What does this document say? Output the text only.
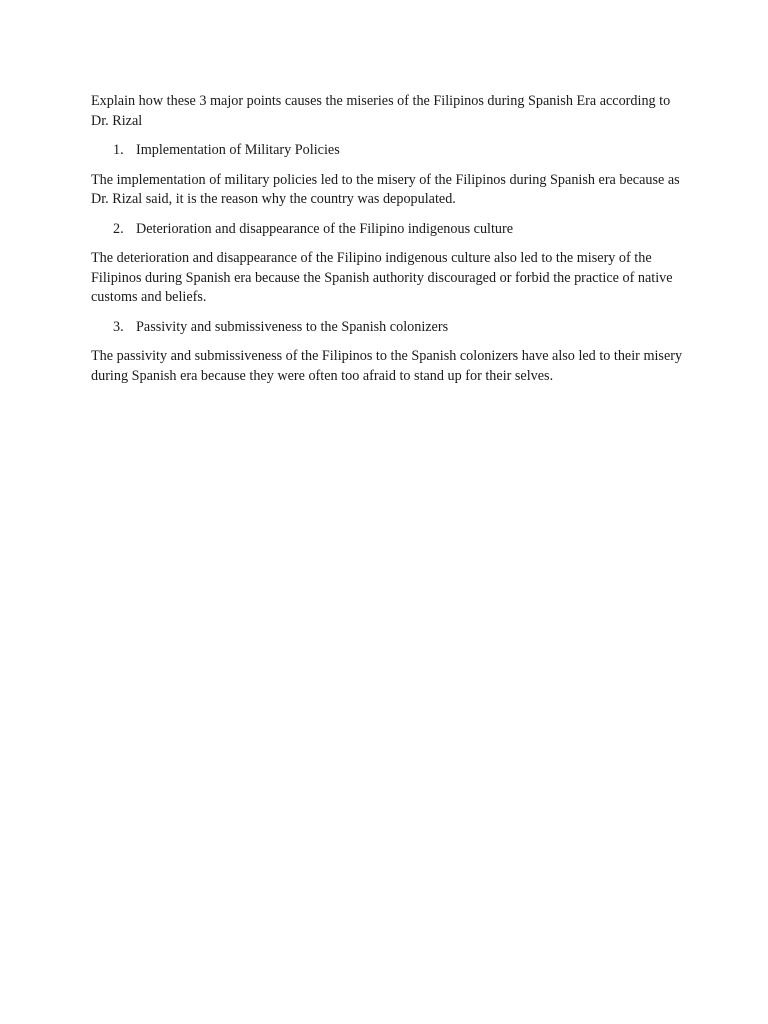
Explain how these 3 major points causes the miseries of the Filipinos during Spanish Era according to Dr. Rizal

1. Implementation of Military Policies

The implementation of military policies led to the misery of the Filipinos during Spanish era because as Dr. Rizal said, it is the reason why the country was depopulated.

2. Deterioration and disappearance of the Filipino indigenous culture

The deterioration and disappearance of the Filipino indigenous culture also led to the misery of the Filipinos during Spanish era because the Spanish authority discouraged or forbid the practice of native customs and beliefs.

3. Passivity and submissiveness to the Spanish colonizers

The passivity and submissiveness of the Filipinos to the Spanish colonizers have also led to their misery during Spanish era because they were often too afraid to stand up for their selves.
